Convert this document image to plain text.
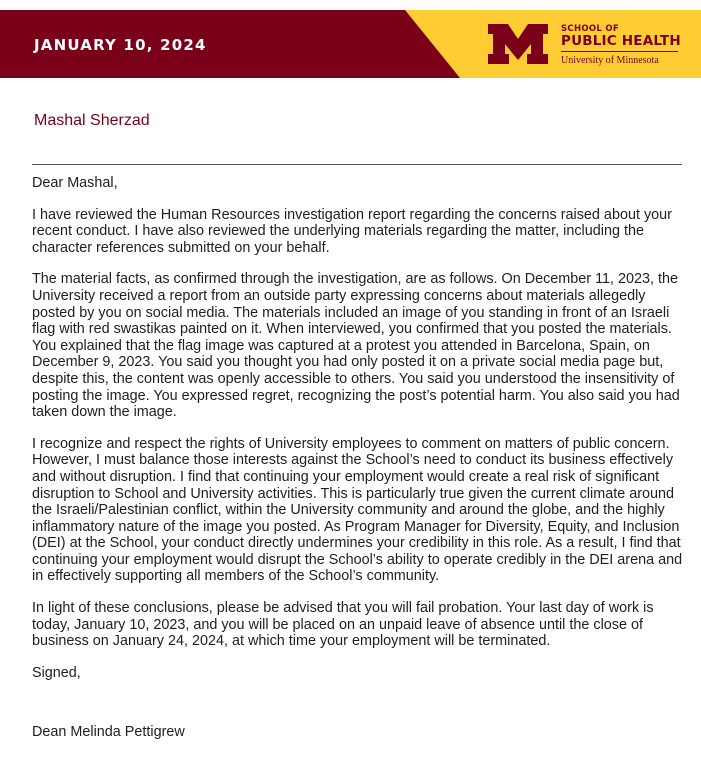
JANUARY 10, 2024
SCHOOL OF
PUBLIC HEALTH
University of Minnesota
Mashal Sherzad

Dear Mashal,

I have reviewed the Human Resources investigation report regarding the concerns raised about your recent conduct. I have also reviewed the underlying materials regarding the matter, including the character references submitted on your behalf.

The material facts, as confirmed through the investigation, are as follows. On December 11, 2023, the University received a report from an outside party expressing concerns about materials allegedly posted by you on social media. The materials included an image of you standing in front of an Israeli flag with red swastikas painted on it. When interviewed, you confirmed that you posted the materials. You explained that the flag image was captured at a protest you attended in Barcelona, Spain, on December 9, 2023. You said you thought you had only posted it on a private social media page but, despite this, the content was openly accessible to others. You said you understood the insensitivity of posting the image. You expressed regret, recognizing the post’s potential harm. You also said you had taken down the image.

I recognize and respect the rights of University employees to comment on matters of public concern. However, I must balance those interests against the School’s need to conduct its business effectively and without disruption. I find that continuing your employment would create a real risk of significant disruption to School and University activities. This is particularly true given the current climate around the Israeli/Palestinian conflict, within the University community and around the globe, and the highly inflammatory nature of the image you posted. As Program Manager for Diversity, Equity, and Inclusion (DEI) at the School, your conduct directly undermines your credibility in this role. As a result, I find that continuing your employment would disrupt the School’s ability to operate credibly in the DEI arena and in effectively supporting all members of the School’s community.

In light of these conclusions, please be advised that you will fail probation. Your last day of work is today, January 10, 2023, and you will be placed on an unpaid leave of absence until the close of business on January 24, 2024, at which time your employment will be terminated.

Signed,

Dean Melinda Pettigrew
